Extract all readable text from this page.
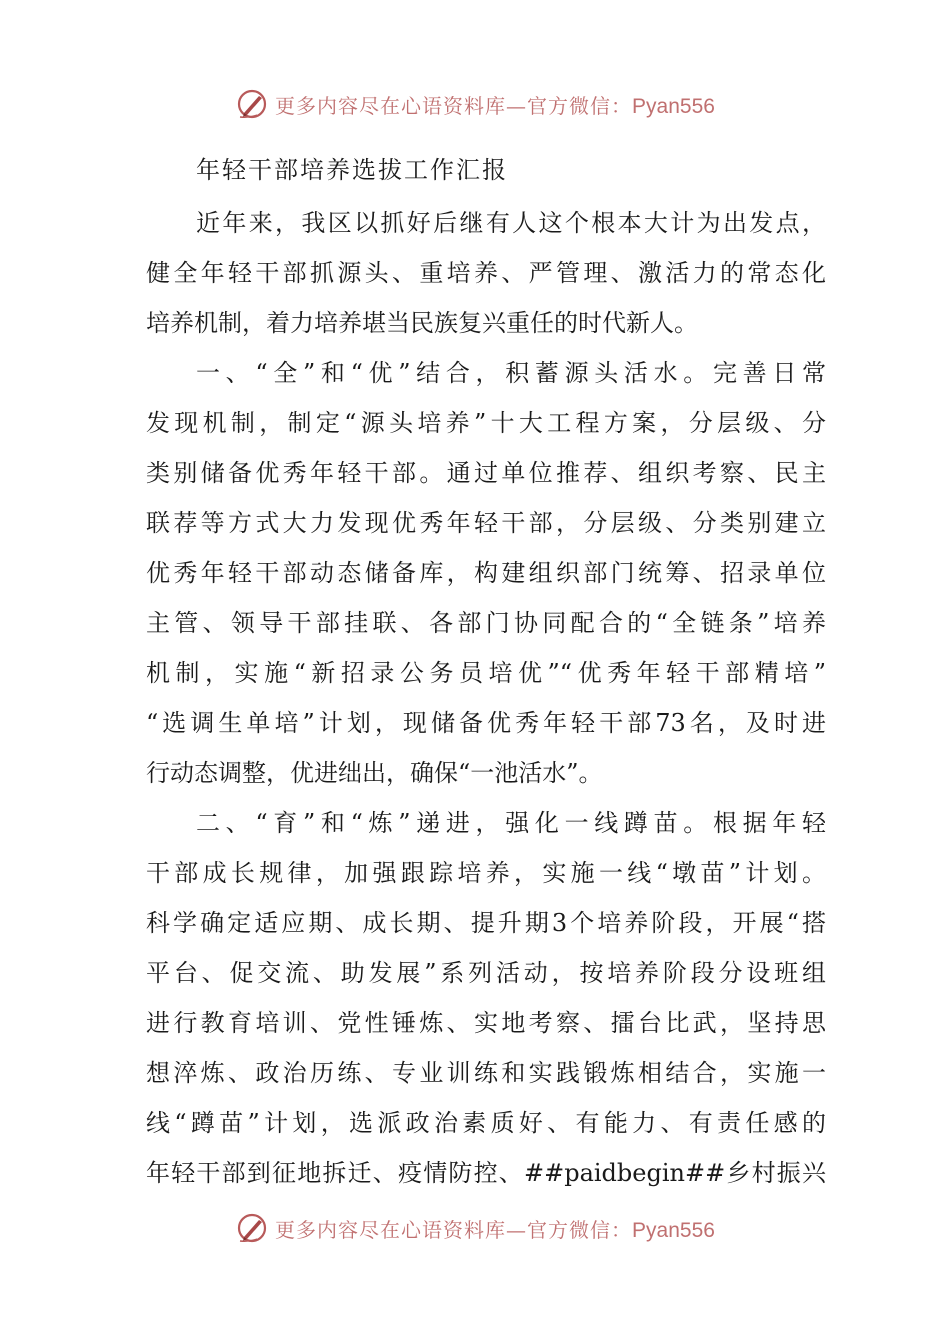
更多内容尽在心语资料库—官方微信：Pyan556
年轻干部培养选拔工作汇报
近年来，我区以抓好后继有人这个根本大计为出发点，
健全年轻干部抓源头、重培养、严管理、激活力的常态化
培养机制，着力培养堪当民族复兴重任的时代新人。
一、“全”和“优”结合，积蓄源头活水。完善日常
发现机制，制定“源头培养”十大工程方案，分层级、分
类别储备优秀年轻干部。通过单位推荐、组织考察、民主
联荐等方式大力发现优秀年轻干部，分层级、分类别建立
优秀年轻干部动态储备库，构建组织部门统筹、招录单位
主管、领导干部挂联、各部门协同配合的“全链条”培养
机制，实施“新招录公务员培优”“优秀年轻干部精培”
“选调生单培”计划，现储备优秀年轻干部73名，及时进
行动态调整，优进绌出，确保“一池活水”。
二、“育”和“炼”递进，强化一线蹲苗。根据年轻
干部成长规律，加强跟踪培养，实施一线“墩苗”计划。
科学确定适应期、成长期、提升期3个培养阶段，开展“搭
平台、促交流、助发展”系列活动，按培养阶段分设班组
进行教育培训、党性锤炼、实地考察、擂台比武，坚持思
想淬炼、政治历练、专业训练和实践锻炼相结合，实施一
线“蹲苗”计划，选派政治素质好、有能力、有责任感的
年轻干部到征地拆迁、疫情防控、##paidbegin##乡村振兴
更多内容尽在心语资料库—官方微信：Pyan556
